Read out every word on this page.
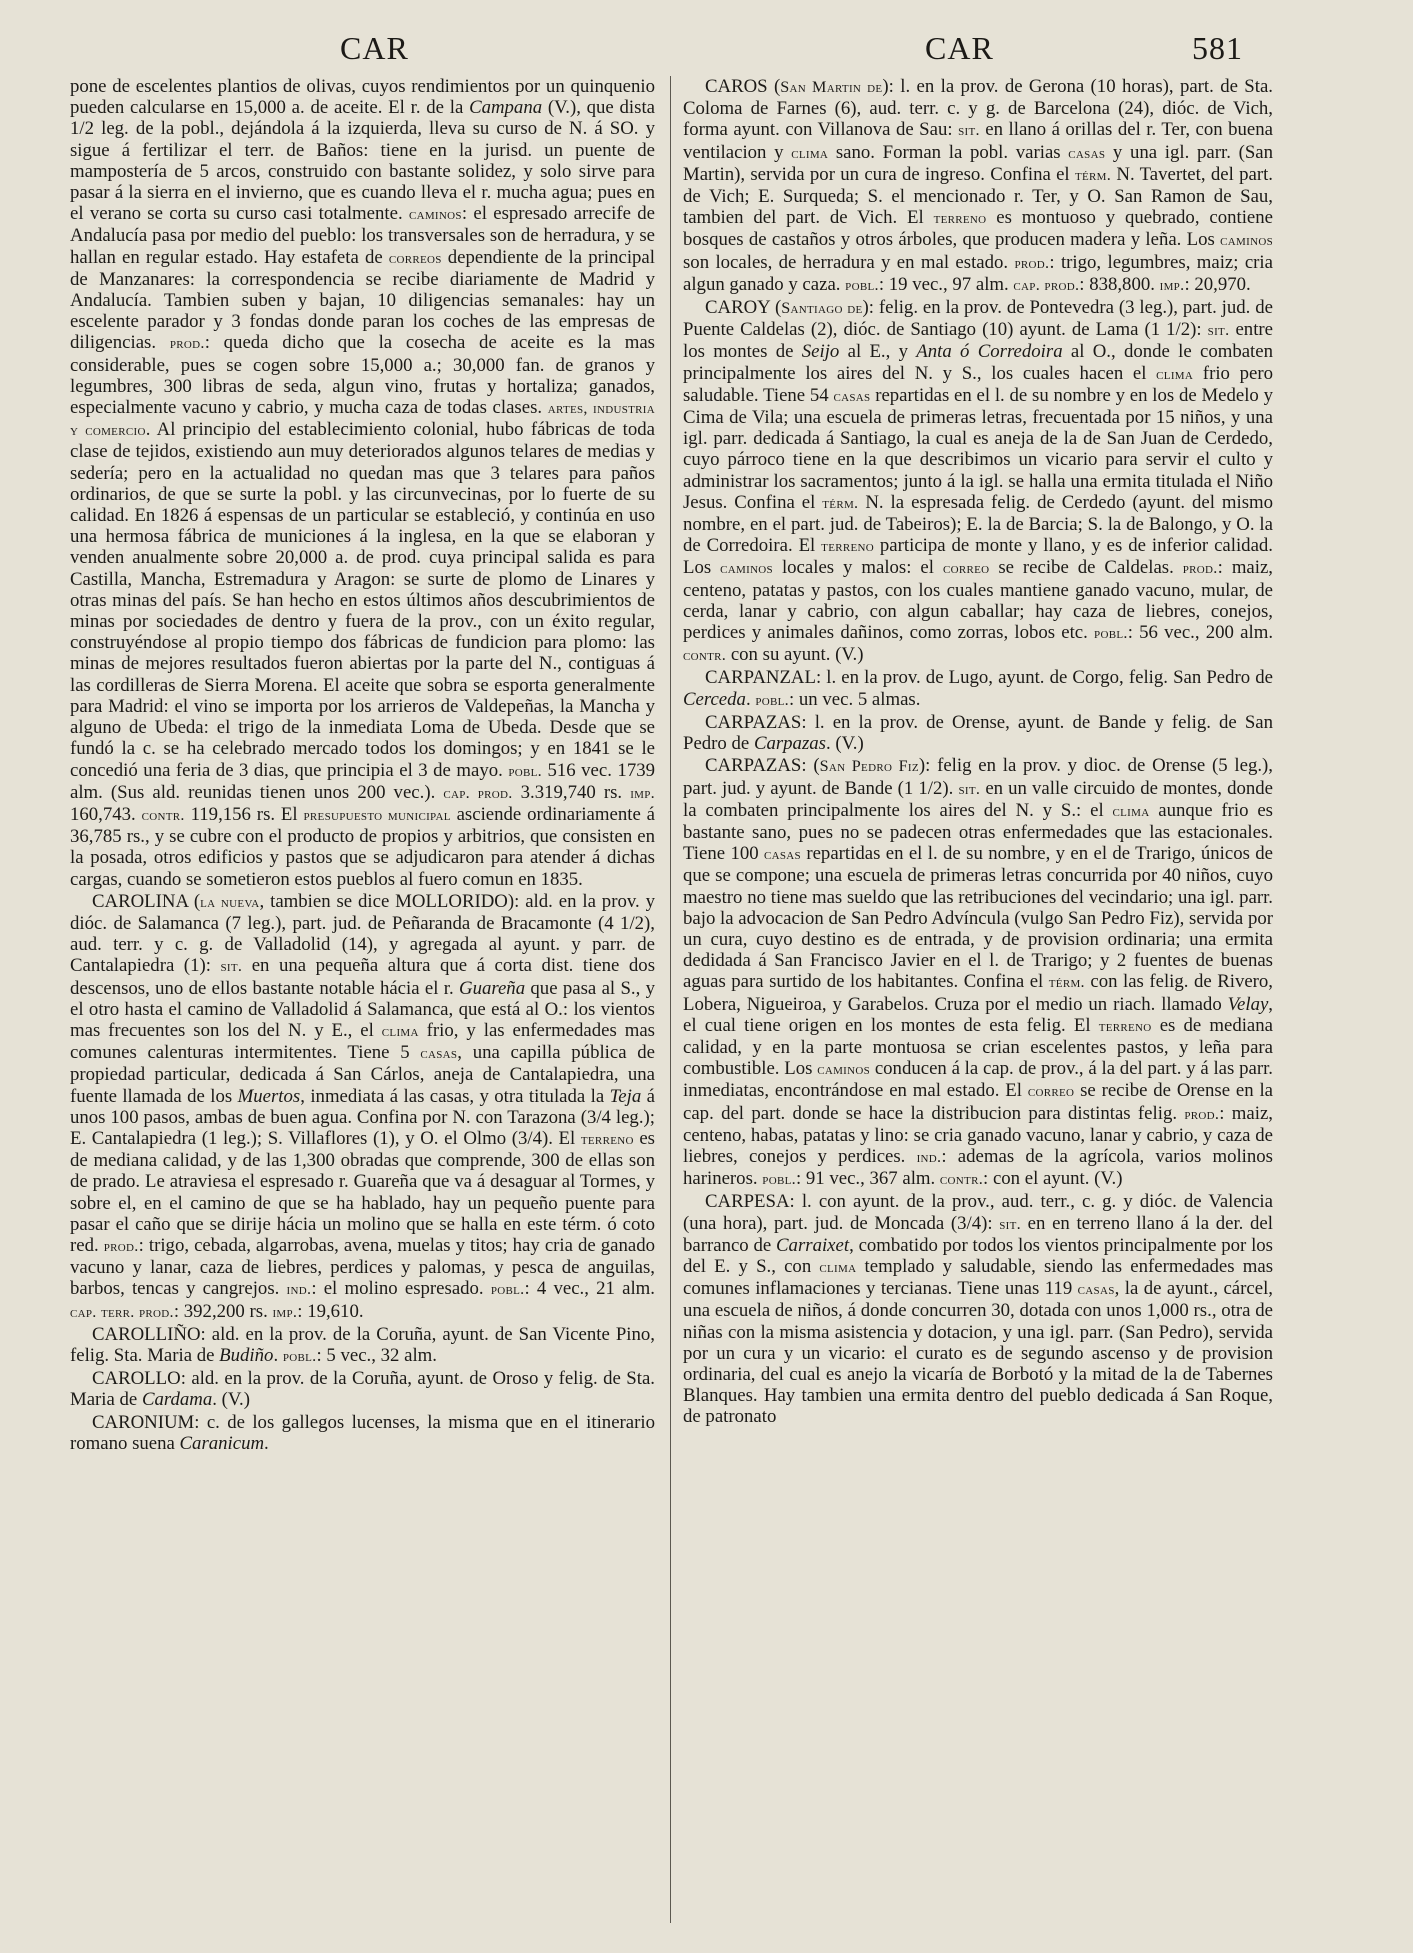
CAR	CAR	581

pone de escelentes plantios de olivas, cuyos rendimientos por un quinquenio pueden calcularse en 15,000 a. de aceite. El r. de la Campana (V.), que dista 1/2 leg. de la pobl., dejándola á la izquierda, lleva su curso de N. á SO. y sigue á fertilizar el terr. de Baños: tiene en la jurisd. un puente de mampostería de 5 arcos, construido con bastante solidez, y solo sirve para pasar á la sierra en el invierno, que es cuando lleva el r. mucha agua; pues en el verano se corta su curso casi totalmente. caminos: el espresado arrecife de Andalucía pasa por medio del pueblo: los transversales son de herradura, y se hallan en regular estado. Hay estafeta de correos dependiente de la principal de Manzanares: la correspondencia se recibe diariamente de Madrid y Andalucía. Tambien suben y bajan, 10 diligencias semanales: hay un escelente parador y 3 fondas donde paran los coches de las empresas de diligencias. prod.: queda dicho que la cosecha de aceite es la mas considerable, pues se cogen sobre 15,000 a.; 30,000 fan. de granos y legumbres, 300 libras de seda, algun vino, frutas y hortaliza; ganados, especialmente vacuno y cabrio, y mucha caza de todas clases. artes, industria y comercio. Al principio del establecimiento colonial, hubo fábricas de toda clase de tejidos, existiendo aun muy deteriorados algunos telares de medias y sedería; pero en la actualidad no quedan mas que 3 telares para paños ordinarios, de que se surte la pobl. y las circunvecinas, por lo fuerte de su calidad. En 1826 á espensas de un particular se estableció, y continúa en uso una hermosa fábrica de municiones á la inglesa, en la que se elaboran y venden anualmente sobre 20,000 a. de prod. cuya principal salida es para Castilla, Mancha, Estremadura y Aragon: se surte de plomo de Linares y otras minas del país. Se han hecho en estos últimos años descubrimientos de minas por sociedades de dentro y fuera de la prov., con un éxito regular, construyéndose al propio tiempo dos fábricas de fundicion para plomo: las minas de mejores resultados fueron abiertas por la parte del N., contiguas á las cordilleras de Sierra Morena. El aceite que sobra se esporta generalmente para Madrid: el vino se importa por los arrieros de Valdepeñas, la Mancha y alguno de Ubeda: el trigo de la inmediata Loma de Ubeda. Desde que se fundó la c. se ha celebrado mercado todos los domingos; y en 1841 se le concedió una feria de 3 dias, que principia el 3 de mayo. pobl. 516 vec. 1739 alm. (Sus ald. reunidas tienen unos 200 vec.). cap. prod. 3.319,740 rs. imp. 160,743. contr. 119,156 rs. El presupuesto municipal asciende ordinariamente á 36,785 rs., y se cubre con el producto de propios y arbitrios, que consisten en la posada, otros edificios y pastos que se adjudicaron para atender á dichas cargas, cuando se sometieron estos pueblos al fuero comun en 1835.

CAROLINA (la nueva, tambien se dice MOLLORIDO): ald. en la prov. y dióc. de Salamanca (7 leg.), part. jud. de Peñaranda de Bracamonte (4 1/2), aud. terr. y c. g. de Valladolid (14), y agregada al ayunt. y parr. de Cantalapiedra (1): sit. en una pequeña altura que á corta dist. tiene dos descensos, uno de ellos bastante notable hácia el r. Guareña que pasa al S., y el otro hasta el camino de Valladolid á Salamanca, que está al O.: los vientos mas frecuentes son los del N. y E., el clima frio, y las enfermedades mas comunes calenturas intermitentes. Tiene 5 casas, una capilla pública de propiedad particular, dedicada á San Cárlos, aneja de Cantalapiedra, una fuente llamada de los Muertos, inmediata á las casas, y otra titulada la Teja á unos 100 pasos, ambas de buen agua. Confina por N. con Tarazona (3/4 leg.); E. Cantalapiedra (1 leg.); S. Villaflores (1), y O. el Olmo (3/4). El terreno es de mediana calidad, y de las 1,300 obradas que comprende, 300 de ellas son de prado. Le atraviesa el espresado r. Guareña que va á desaguar al Tormes, y sobre el, en el camino de que se ha hablado, hay un pequeño puente para pasar el caño que se dirije hácia un molino que se halla en este térm. ó coto red. prod.: trigo, cebada, algarrobas, avena, muelas y titos; hay cria de ganado vacuno y lanar, caza de liebres, perdices y palomas, y pesca de anguilas, barbos, tencas y cangrejos. ind.: el molino espresado. pobl.: 4 vec., 21 alm. cap. terr. prod.: 392,200 rs. imp.: 19,610.

CAROLLIÑO: ald. en la prov. de la Coruña, ayunt. de San Vicente Pino, felig. Sta. Maria de Budiño. pobl.: 5 vec., 32 alm.

CAROLLO: ald. en la prov. de la Coruña, ayunt. de Oroso y felig. de Sta. Maria de Cardama. (V.)

CARONIUM: c. de los gallegos lucenses, la misma que en el itinerario romano suena Caranicum.

CAROS (San Martin de): l. en la prov. de Gerona (10 horas), part. de Sta. Coloma de Farnes (6), aud. terr. c. y g. de Barcelona (24), dióc. de Vich, forma ayunt. con Villanova de Sau: sit. en llano á orillas del r. Ter, con buena ventilacion y clima sano. Forman la pobl. varias casas y una igl. parr. (San Martin), servida por un cura de ingreso. Confina el térm. N. Tavertet, del part. de Vich; E. Surqueda; S. el mencionado r. Ter, y O. San Ramon de Sau, tambien del part. de Vich. El terreno es montuoso y quebrado, contiene bosques de castaños y otros árboles, que producen madera y leña. Los caminos son locales, de herradura y en mal estado. prod.: trigo, legumbres, maiz; cria algun ganado y caza. pobl.: 19 vec., 97 alm. cap. prod.: 838,800. imp.: 20,970.

CAROY (Santiago de): felig. en la prov. de Pontevedra (3 leg.), part. jud. de Puente Caldelas (2), dióc. de Santiago (10) ayunt. de Lama (1 1/2): sit. entre los montes de Seijo al E., y Anta ó Corredoira al O., donde le combaten principalmente los aires del N. y S., los cuales hacen el clima frio pero saludable. Tiene 54 casas repartidas en el l. de su nombre y en los de Medelo y Cima de Vila; una escuela de primeras letras, frecuentada por 15 niños, y una igl. parr. dedicada á Santiago, la cual es aneja de la de San Juan de Cerdedo, cuyo párroco tiene en la que describimos un vicario para servir el culto y administrar los sacramentos; junto á la igl. se halla una ermita titulada el Niño Jesus. Confina el térm. N. la espresada felig. de Cerdedo (ayunt. del mismo nombre, en el part. jud. de Tabeiros); E. la de Barcia; S. la de Balongo, y O. la de Corredoira. El terreno participa de monte y llano, y es de inferior calidad. Los caminos locales y malos: el correo se recibe de Caldelas. prod.: maiz, centeno, patatas y pastos, con los cuales mantiene ganado vacuno, mular, de cerda, lanar y cabrio, con algun caballar; hay caza de liebres, conejos, perdices y animales dañinos, como zorras, lobos etc. pobl.: 56 vec., 200 alm. contr. con su ayunt. (V.)

CARPANZAL: l. en la prov. de Lugo, ayunt. de Corgo, felig. San Pedro de Cerceda. pobl.: un vec. 5 almas.

CARPAZAS: l. en la prov. de Orense, ayunt. de Bande y felig. de San Pedro de Carpazas. (V.)

CARPAZAS: (San Pedro Fiz): felig en la prov. y dioc. de Orense (5 leg.), part. jud. y ayunt. de Bande (1 1/2). sit. en un valle circuido de montes, donde la combaten principalmente los aires del N. y S.: el clima aunque frio es bastante sano, pues no se padecen otras enfermedades que las estacionales. Tiene 100 casas repartidas en el l. de su nombre, y en el de Trarigo, únicos de que se compone; una escuela de primeras letras concurrida por 40 niños, cuyo maestro no tiene mas sueldo que las retribuciones del vecindario; una igl. parr. bajo la advocacion de San Pedro Advíncula (vulgo San Pedro Fiz), servida por un cura, cuyo destino es de entrada, y de provision ordinaria; una ermita dedidada á San Francisco Javier en el l. de Trarigo; y 2 fuentes de buenas aguas para surtido de los habitantes. Confina el térm. con las felig. de Rivero, Lobera, Nigueiroa, y Garabelos. Cruza por el medio un riach. llamado Velay, el cual tiene origen en los montes de esta felig. El terreno es de mediana calidad, y en la parte montuosa se crian escelentes pastos, y leña para combustible. Los caminos conducen á la cap. de prov., á la del part. y á las parr. inmediatas, encontrándose en mal estado. El correo se recibe de Orense en la cap. del part. donde se hace la distribucion para distintas felig. prod.: maiz, centeno, habas, patatas y lino: se cria ganado vacuno, lanar y cabrio, y caza de liebres, conejos y perdices. ind.: ademas de la agrícola, varios molinos harineros. pobl.: 91 vec., 367 alm. contr.: con el ayunt. (V.)

CARPESA: l. con ayunt. de la prov., aud. terr., c. g. y dióc. de Valencia (una hora), part. jud. de Moncada (3/4): sit. en en terreno llano á la der. del barranco de Carraixet, combatido por todos los vientos principalmente por los del E. y S., con clima templado y saludable, siendo las enfermedades mas comunes inflamaciones y tercianas. Tiene unas 119 casas, la de ayunt., cárcel, una escuela de niños, á donde concurren 30, dotada con unos 1,000 rs., otra de niñas con la misma asistencia y dotacion, y una igl. parr. (San Pedro), servida por un cura y un vicario: el curato es de segundo ascenso y de provision ordinaria, del cual es anejo la vicaría de Borbotó y la mitad de la de Tabernes Blanques. Hay tambien una ermita dentro del pueblo dedicada á San Roque, de patronato
